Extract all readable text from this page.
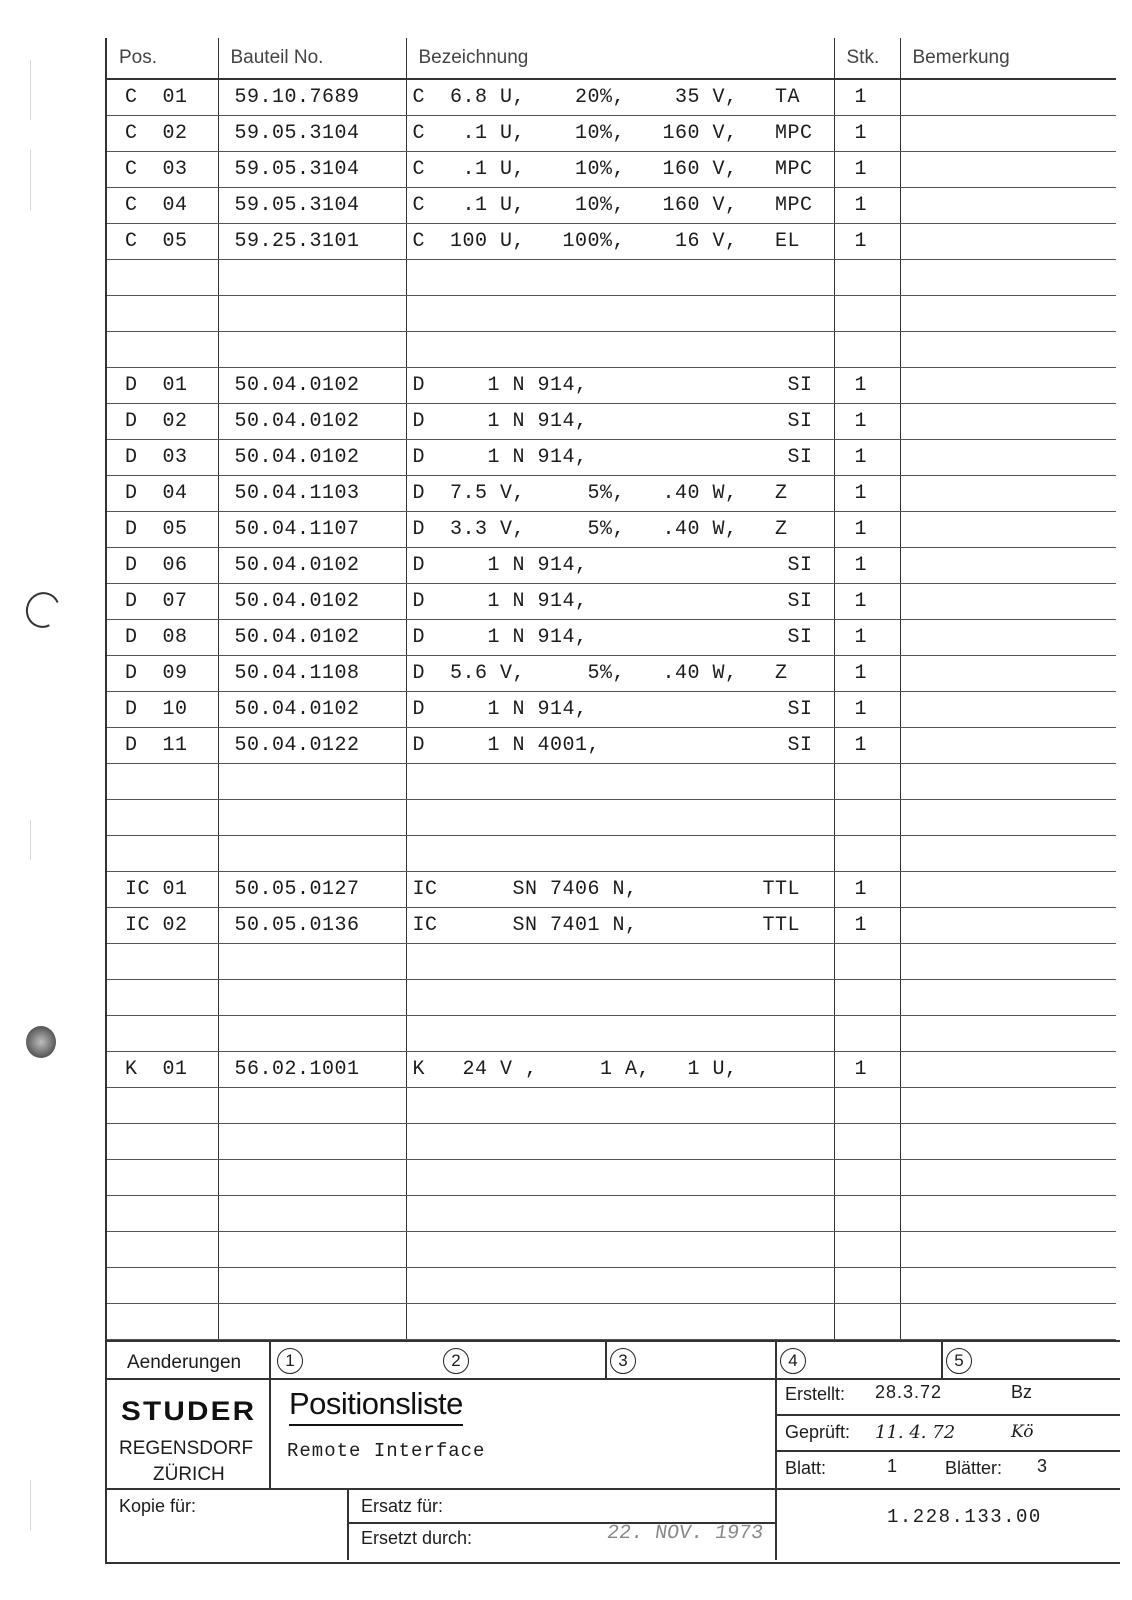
Pos.	Bauteil No.	Bezeichnung	Stk.	Bemerkung
C  01	59.10.7689	C  6.8 U,    20%,    35 V,   TA	1	
C  02	59.05.3104	C   .1 U,    10%,   160 V,   MPC	1	
C  03	59.05.3104	C   .1 U,    10%,   160 V,   MPC	1	
C  04	59.05.3104	C   .1 U,    10%,   160 V,   MPC	1	
C  05	59.25.3101	C  100 U,   100%,    16 V,   EL	1	

D  01	50.04.0102	D     1 N 914,                SI	1	
D  02	50.04.0102	D     1 N 914,                SI	1	
D  03	50.04.0102	D     1 N 914,                SI	1	
D  04	50.04.1103	D  7.5 V,     5%,   .40 W,   Z	1	
D  05	50.04.1107	D  3.3 V,     5%,   .40 W,   Z	1	
D  06	50.04.0102	D     1 N 914,                SI	1	
D  07	50.04.0102	D     1 N 914,                SI	1	
D  08	50.04.0102	D     1 N 914,                SI	1	
D  09	50.04.1108	D  5.6 V,     5%,   .40 W,   Z	1	
D  10	50.04.0102	D     1 N 914,                SI	1	
D  11	50.04.0122	D     1 N 4001,               SI	1	

IC 01	50.05.0127	IC      SN 7406 N,          TTL	1	
IC 02	50.05.0136	IC      SN 7401 N,          TTL	1	

K  01	56.02.1001	K   24 V ,     1 A,   1 U,	1	

Aenderungen	1	2	3	4	5
STUDER
REGENSDORF
ZÜRICH
Positionsliste
Remote Interface
Erstellt: 28.3.72	Bz
Geprüft: 11. 4. 72	Kö
Blatt:	1	Blätter: 3
Kopie für:	Ersatz für:
Ersetzt durch:	22. NOV. 1973
1.228.133.00
